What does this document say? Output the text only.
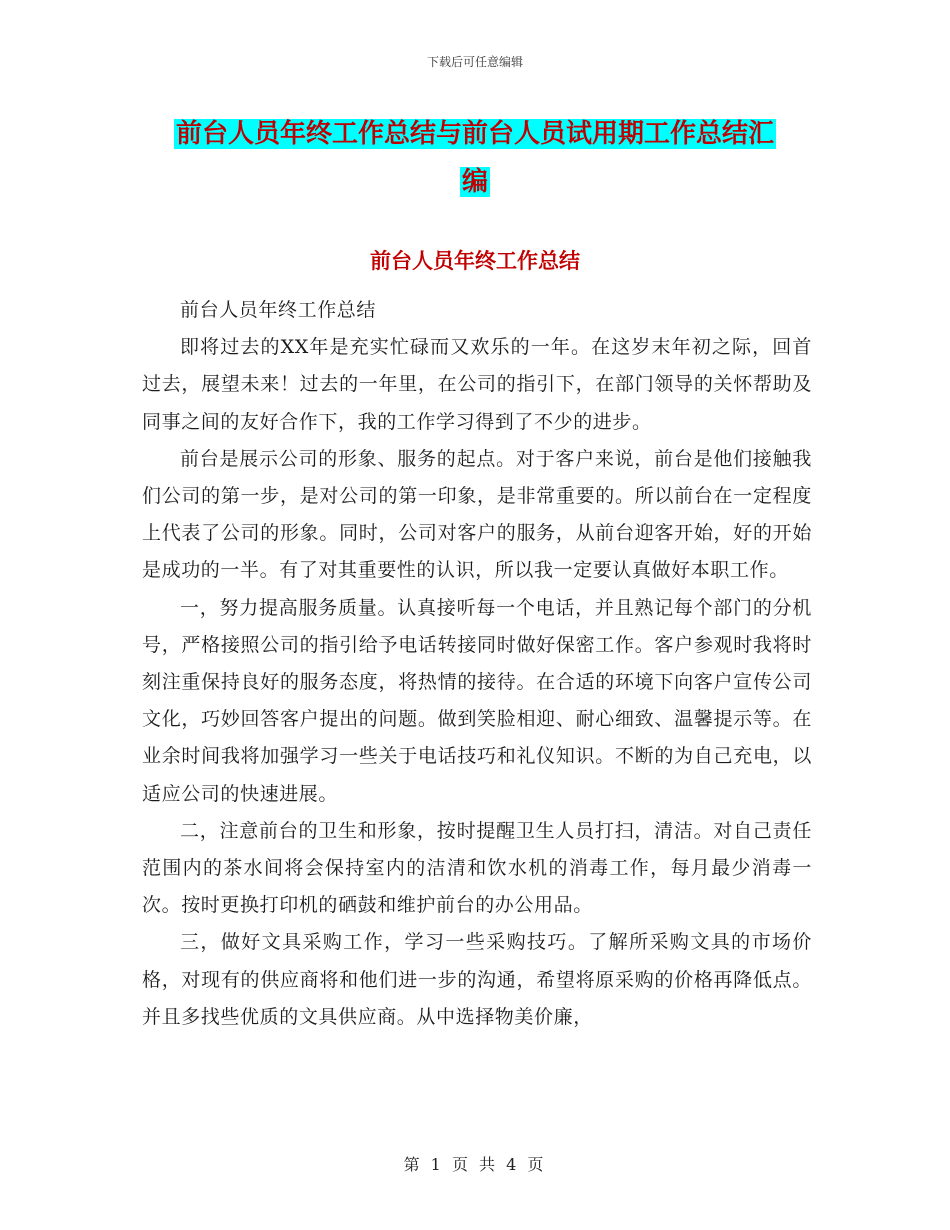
下载后可任意编辑
前台人员年终工作总结与前台人员试用期工作总结汇
编
前台人员年终工作总结

前台人员年终工作总结

即将过去的XX年是充实忙碌而又欢乐的一年。在这岁末年初之际，回首过去，展望未来！过去的一年里，在公司的指引下，在部门领导的关怀帮助及同事之间的友好合作下，我的工作学习得到了不少的进步。

前台是展示公司的形象、服务的起点。对于客户来说，前台是他们接触我们公司的第一步，是对公司的第一印象，是非常重要的。所以前台在一定程度上代表了公司的形象。同时，公司对客户的服务，从前台迎客开始，好的开始是成功的一半。有了对其重要性的认识，所以我一定要认真做好本职工作。

一，努力提高服务质量。认真接听每一个电话，并且熟记每个部门的分机号，严格接照公司的指引给予电话转接同时做好保密工作。客户参观时我将时刻注重保持良好的服务态度，将热情的接待。在合适的环境下向客户宣传公司文化，巧妙回答客户提出的问题。做到笑脸相迎、耐心细致、温馨提示等。在业余时间我将加强学习一些关于电话技巧和礼仪知识。不断的为自己充电，以适应公司的快速进展。

二，注意前台的卫生和形象，按时提醒卫生人员打扫，清洁。对自己责任范围内的茶水间将会保持室内的洁清和饮水机的消毒工作，每月最少消毒一次。按时更换打印机的硒鼓和维护前台的办公用品。

三，做好文具采购工作，学习一些采购技巧。了解所采购文具的市场价格，对现有的供应商将和他们进一步的沟通，希望将原采购的价格再降低点。并且多找些优质的文具供应商。从中选择物美价廉，

第 1 页 共 4 页
